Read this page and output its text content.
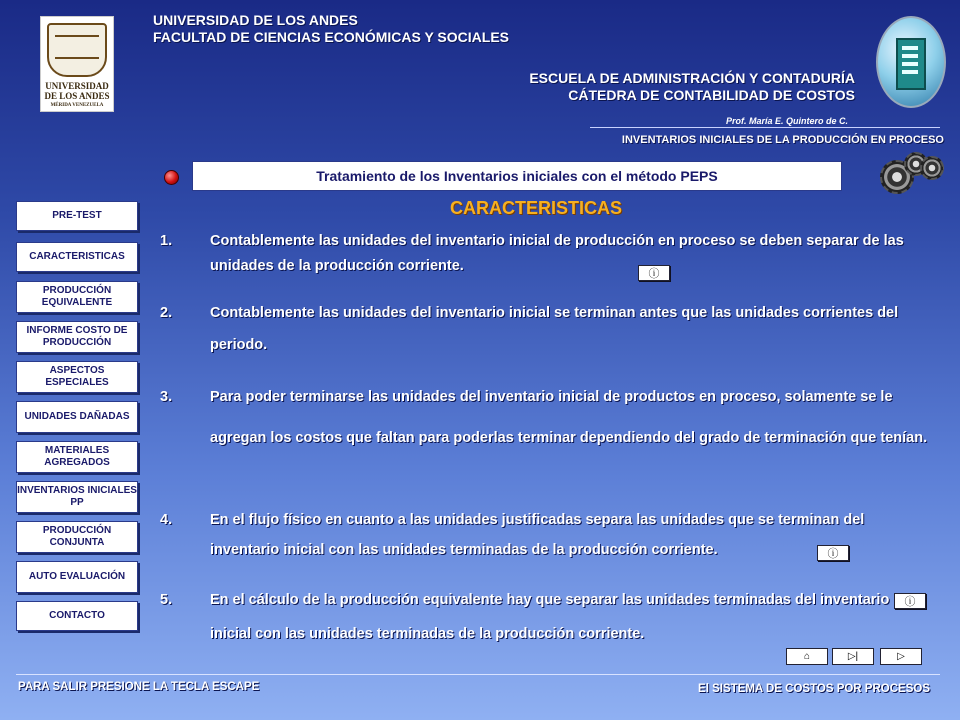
UNIVERSIDAD
DE LOS ANDES
MÉRIDA VENEZUELA
UNIVERSIDAD DE LOS ANDES
FACULTAD DE CIENCIAS ECONÓMICAS Y SOCIALES
ESCUELA DE ADMINISTRACIÓN Y CONTADURÍA
CÁTEDRA DE CONTABILIDAD DE COSTOS
Prof. María E. Quintero de C.
INVENTARIOS INICIALES DE LA PRODUCCIÓN EN PROCESO
Tratamiento de los Inventarios iniciales con el método PEPS
CARACTERISTICAS
PRE-TEST
CARACTERISTICAS
PRODUCCIÓN EQUIVALENTE
INFORME COSTO DE PRODUCCIÓN
ASPECTOS ESPECIALES
UNIDADES DAÑADAS
MATERIALES AGREGADOS
INVENTARIOS INICIALES PP
PRODUCCIÓN CONJUNTA
AUTO EVALUACIÓN
CONTACTO
1.	Contablemente las unidades del inventario inicial de producción en proceso se deben separar de las unidades de la producción corriente.	ⓘ
2.	Contablemente las unidades del inventario inicial se terminan antes que las unidades corrientes del periodo.
3.	Para poder terminarse las unidades del inventario inicial de productos en proceso, solamente se le agregan los costos que faltan para poderlas terminar dependiendo del grado de terminación que tenían.
4.	En el flujo físico en cuanto a las unidades justificadas separa las unidades que se terminan del inventario inicial con las unidades terminadas de la producción corriente.	ⓘ
5.	En el cálculo de la producción equivalente hay que separar las unidades terminadas del inventario inicial con las unidades terminadas de la producción corriente.
ⓘ
⌂	▷|	▷
PARA SALIR PRESIONE LA TECLA ESCAPE	El SISTEMA DE COSTOS POR PROCESOS
